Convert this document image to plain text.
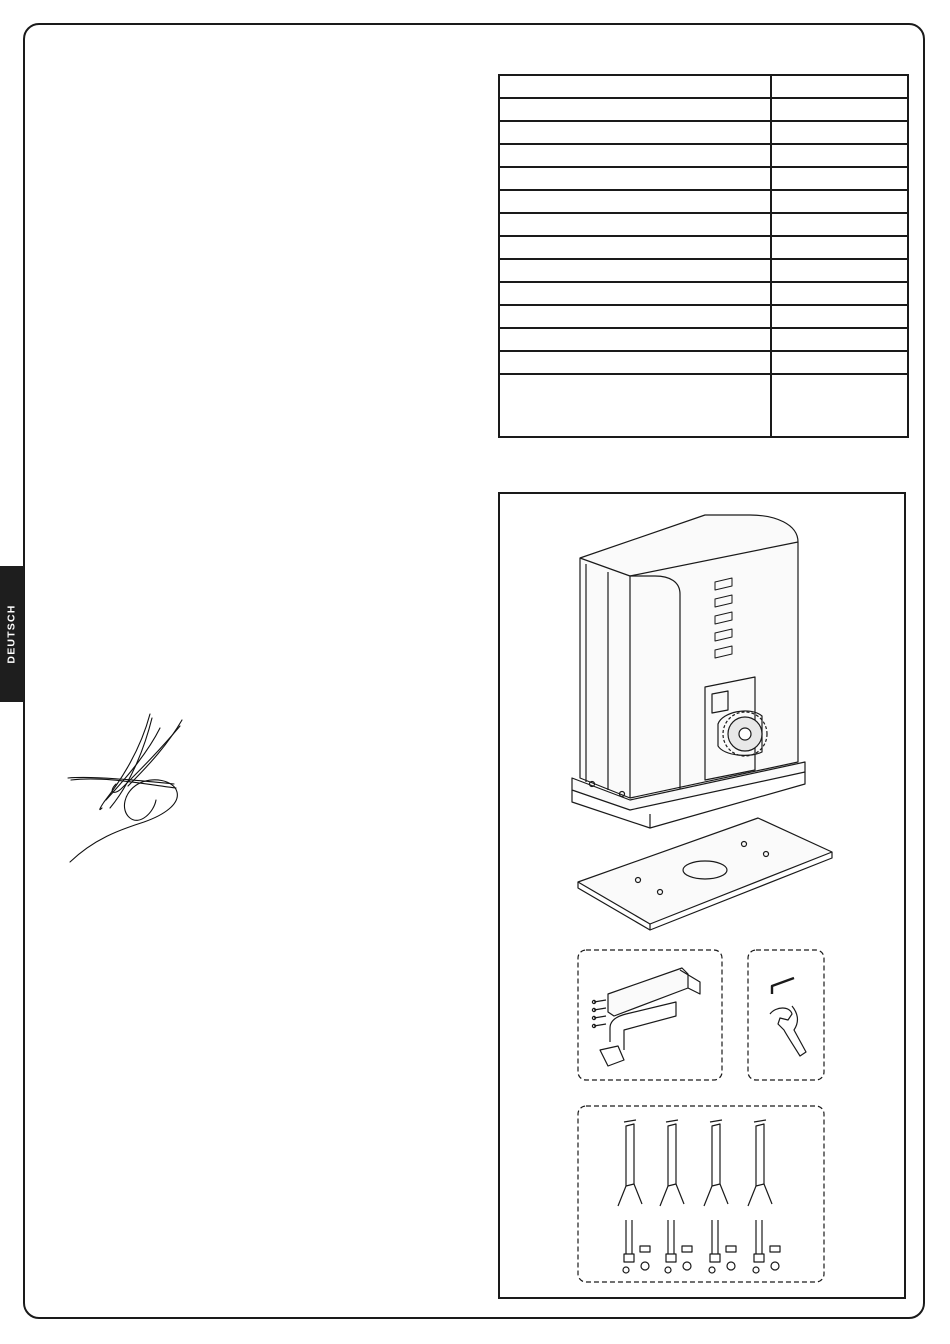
DEUTSCH
